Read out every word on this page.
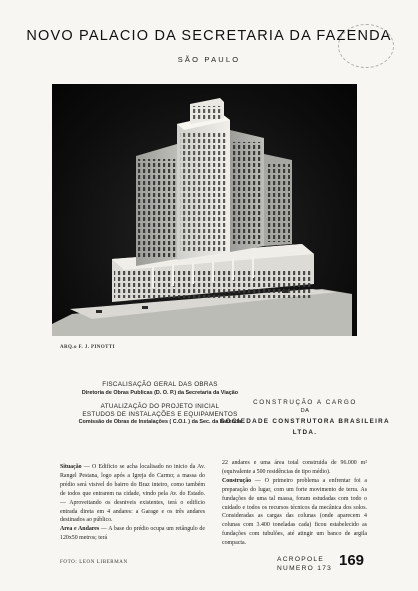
NOVO PALACIO DA SECRETARIA DA FAZENDA
SÃO PAULO
ARQ.o F. J. PINOTTI
FISCALISAÇÃO GERAL DAS OBRAS
Diretoria de Obras Publicas (D. O. P.) da Secretaria da Viação
ATUALIZAÇÃO DO PROJETO INICIAL
ESTUDOS DE INSTALAÇÕES E EQUIPAMENTOS
Comissão de Obras de Instalações ( C.O.I. ) da Sec. da Fazenda
CONSTRUÇÃO A CARGO
DA
SOCIEDADE CONSTRUTORA BRASILEIRA LTDA.

Situação — O Edificio se acha localisado no inicio da Av. Rangel Pestana, logo após a Igreja do Carmo; a massa do prédio será visivel do bairro do Braz inteiro, como também de todos que entrarem na cidade, vindo pela Av. do Estado. — Aproveitando os desniveis existentes, terá o edificio entrada direta em 4 andares: a Garage e os três andares destinados ao público.

Area e Andares — A base do prédio ocupa um retângulo de 120x50 metros; terá

22 andares e uma área total construida de 96.000 m² (equivalente a 500 residências de tipo médio).

Construção — O primeiro problema a enfrentar foi a preparação do lugar, com um forte movimento de terra. As fundações de uma tal massa, foram estudadas com todo o cuidado e todos os recursos técnicos da mecânica dos solos. Consideradas as cargas das colunas (onde aparecem 4 colunas com 3.400 toneladas cada) ficou estabelecido as fundações com tubulões, até atingir um banco de argila compacta.

FOTO: LEON LIBERMAN	ACROPOLE
NUMERO 173 169
